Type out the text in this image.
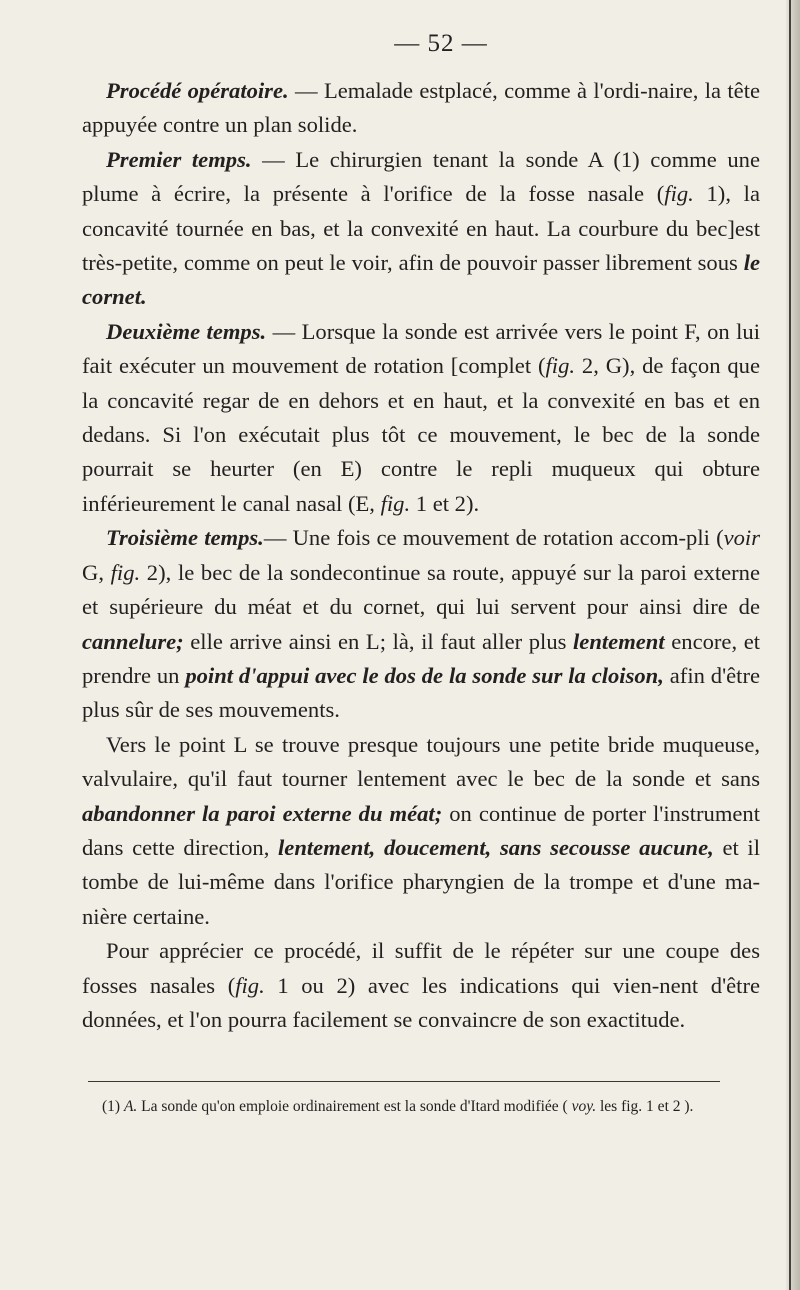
— 52 —

Procédé opératoire. — Lemalade estplacé, comme à l'ordi-naire, la tête appuyée contre un plan solide.

Premier temps. — Le chirurgien tenant la sonde A (1) comme une plume à écrire, la présente à l'orifice de la fosse nasale (fig. 1), la concavité tournée en bas, et la convexité en haut. La courbure du bec]est très-petite, comme on peut le voir, afin de pouvoir passer librement sous le cornet.

Deuxième temps. — Lorsque la sonde est arrivée vers le point F, on lui fait exécuter un mouvement de rotation [complet (fig. 2, G), de façon que la concavité regar de en dehors et en haut, et la convexité en bas et en dedans. Si l'on exécutait plus tôt ce mouvement, le bec de la sonde pourrait se heurter (en E) contre le repli muqueux qui obture inférieurement le canal nasal (E, fig. 1 et 2).

Troisième temps.— Une fois ce mouvement de rotation accom-pli (voir G, fig. 2), le bec de la sondecontinue sa route, appuyé sur la paroi externe et supérieure du méat et du cornet, qui lui servent pour ainsi dire de cannelure; elle arrive ainsi en L; là, il faut aller plus lentement encore, et prendre un point d'appui avec le dos de la sonde sur la cloison, afin d'être plus sûr de ses mouvements.

Vers le point L se trouve presque toujours une petite bride muqueuse, valvulaire, qu'il faut tourner lentement avec le bec de la sonde et sans abandonner la paroi externe du méat; on continue de porter l'instrument dans cette direction, lentement, doucement, sans secousse aucune, et il tombe de lui-même dans l'orifice pharyngien de la trompe et d'une ma-nière certaine.

Pour apprécier ce procédé, il suffit de le répéter sur une coupe des fosses nasales (fig. 1 ou 2) avec les indications qui vien-nent d'être données, et l'on pourra facilement se convaincre de son exactitude.

(1) A. La sonde qu'on emploie ordinairement est la sonde d'Itard modifiée ( voy. les fig. 1 et 2 ).
